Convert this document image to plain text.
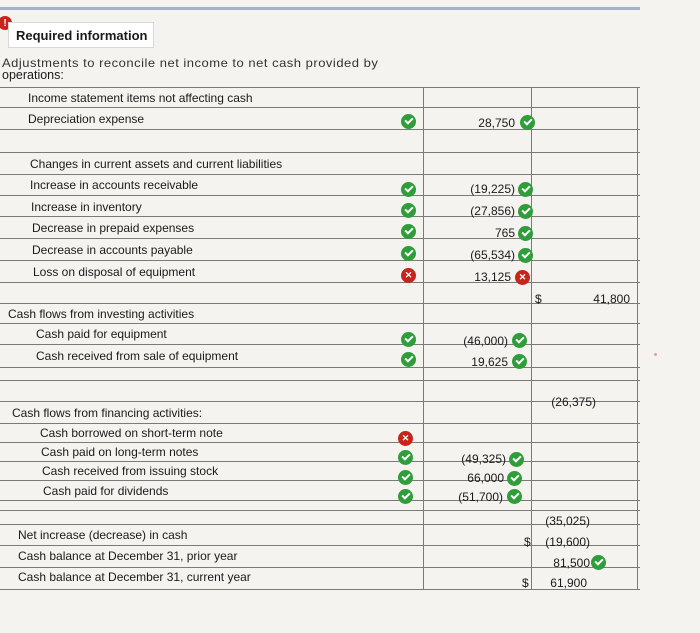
!
Required information
Adjustments to reconcile net income to net cash provided by
operations:
Income statement items not affecting cash
Depreciation expense	28,750
Changes in current assets and current liabilities
Increase in accounts receivable	(19,225)
Increase in inventory	(27,856)
Decrease in prepaid expenses	765
Decrease in accounts payable	(65,534)
Loss on disposal of equipment
✕	13,125
✕
$	41,800
Cash flows from investing activities
Cash paid for equipment	(46,000)
Cash received from sale of equipment	19,625
(26,375)
Cash flows from financing activities:
Cash borrowed on short-term note
✕
Cash paid on long-term notes	(49,325)
Cash received from issuing stock	66,000
Cash paid for dividends	(51,700)
(35,025)
Net increase (decrease) in cash	$	(19,600)
Cash balance at December 31, prior year	81,500
Cash balance at December 31, current year	$	61,900
